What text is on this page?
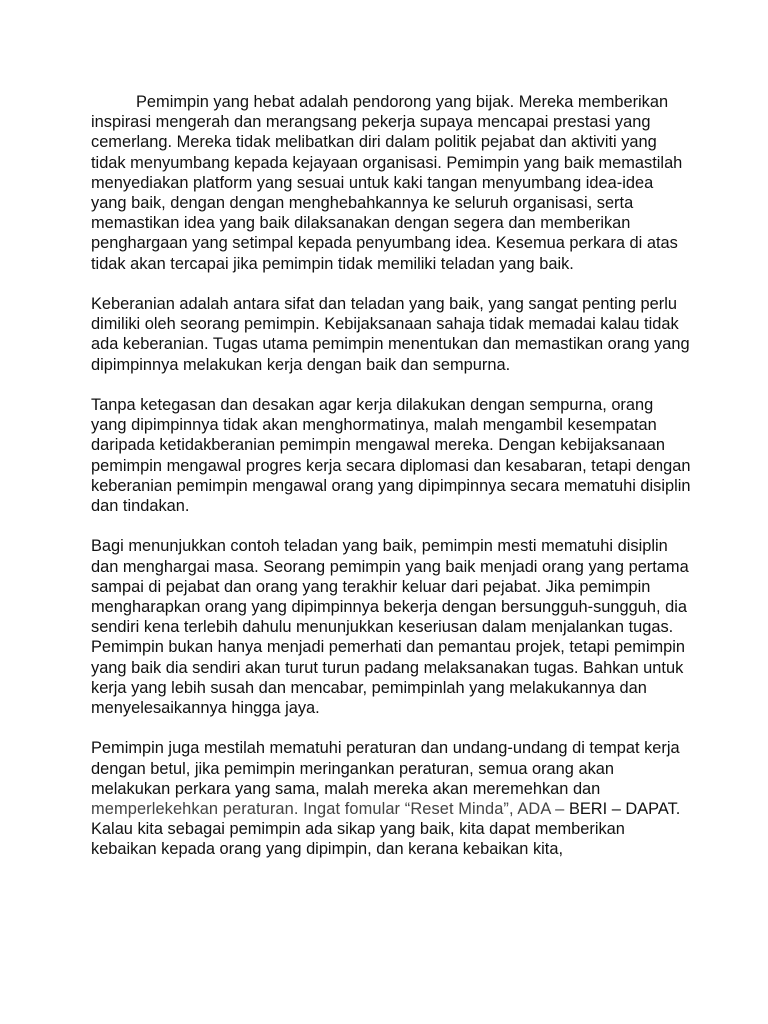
Pemimpin yang hebat adalah pendorong yang bijak. Mereka memberikan inspirasi mengerah dan merangsang pekerja supaya mencapai prestasi yang cemerlang. Mereka tidak melibatkan diri dalam politik pejabat dan aktiviti yang tidak menyumbang kepada kejayaan organisasi. Pemimpin yang baik memastilah menyediakan platform yang sesuai untuk kaki tangan menyumbang idea-idea yang baik, dengan dengan menghebahkannya ke seluruh organisasi, serta memastikan idea yang baik dilaksanakan dengan segera dan memberikan penghargaan yang setimpal kepada penyumbang idea. Kesemua perkara di atas tidak akan tercapai jika pemimpin tidak memiliki teladan yang baik.

Keberanian adalah antara sifat dan teladan yang baik, yang sangat penting perlu dimiliki oleh seorang pemimpin. Kebijaksanaan sahaja tidak memadai kalau tidak ada keberanian. Tugas utama pemimpin menentukan dan memastikan orang yang dipimpinnya melakukan kerja dengan baik dan sempurna.

Tanpa ketegasan dan desakan agar kerja dilakukan dengan sempurna, orang yang dipimpinnya tidak akan menghormatinya, malah mengambil kesempatan daripada ketidakberanian pemimpin mengawal mereka. Dengan kebijaksanaan pemimpin mengawal progres kerja secara diplomasi dan kesabaran, tetapi dengan keberanian pemimpin mengawal orang yang dipimpinnya secara mematuhi disiplin dan tindakan.

Bagi menunjukkan contoh teladan yang baik, pemimpin mesti mematuhi disiplin dan menghargai masa. Seorang pemimpin yang baik menjadi orang yang pertama sampai di pejabat dan orang yang terakhir keluar dari pejabat. Jika pemimpin mengharapkan orang yang dipimpinnya bekerja dengan bersungguh-sungguh, dia sendiri kena terlebih dahulu menunjukkan keseriusan dalam menjalankan tugas. Pemimpin bukan hanya menjadi pemerhati dan pemantau projek, tetapi pemimpin yang baik dia sendiri akan turut turun padang melaksanakan tugas. Bahkan untuk kerja yang lebih susah dan mencabar, pemimpinlah yang melakukannya dan menyelesaikannya hingga jaya.

Pemimpin juga mestilah mematuhi peraturan dan undang-undang di tempat kerja dengan betul, jika pemimpin meringankan peraturan, semua orang akan melakukan perkara yang sama, malah mereka akan meremehkan dan memperlekehkan peraturan. Ingat fomular “Reset Minda”, ADA – BERI – DAPAT. Kalau kita sebagai pemimpin ada sikap yang baik, kita dapat memberikan kebaikan kepada orang yang dipimpin, dan kerana kebaikan kita,
